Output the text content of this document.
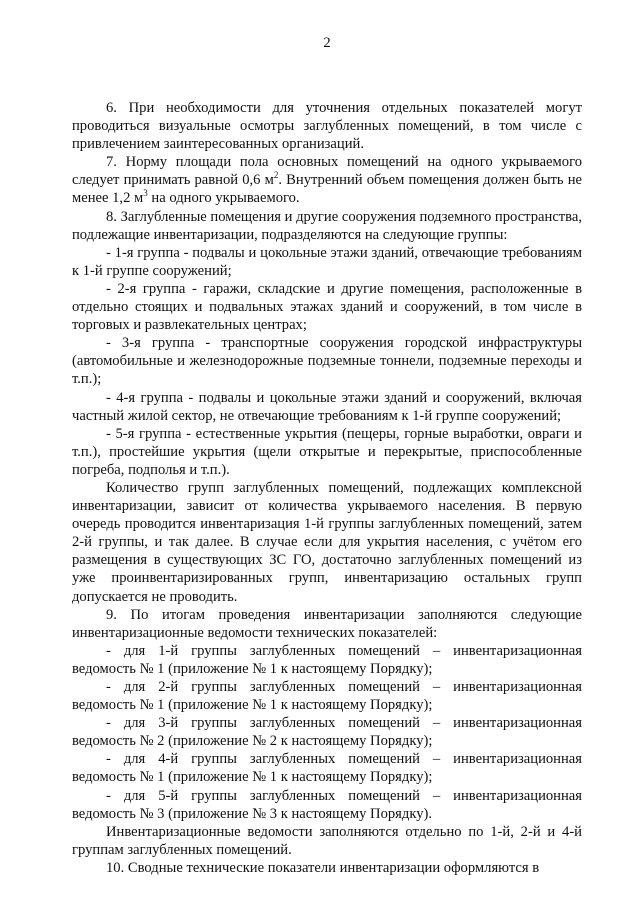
2

6. При необходимости для уточнения отдельных показателей могут проводиться визуальные осмотры заглубленных помещений, в том числе с привлечением заинтересованных организаций.

7. Норму площади пола основных помещений на одного укрываемого следует принимать равной 0,6 $м^2$. Внутренний объем помещения должен быть не менее 1,2 $м^3$ на одного укрываемого.

8. Заглубленные помещения и другие сооружения подземного пространства, подлежащие инвентаризации, подразделяются на следующие группы:

- 1-я группа - подвалы и цокольные этажи зданий, отвечающие требованиям к 1-й группе сооружений;

- 2-я группа - гаражи, складские и другие помещения, расположенные в отдельно стоящих и подвальных этажах зданий и сооружений, в том числе в торговых и развлекательных центрах;

- 3-я группа - транспортные сооружения городской инфраструктуры (автомобильные и железнодорожные подземные тоннели, подземные переходы и т.п.);

- 4-я группа - подвалы и цокольные этажи зданий и сооружений, включая частный жилой сектор, не отвечающие требованиям к 1-й группе сооружений;

- 5-я группа - естественные укрытия (пещеры, горные выработки, овраги и т.п.), простейшие укрытия (щели открытые и перекрытые, приспособленные погреба, подполья и т.п.).

Количество групп заглубленных помещений, подлежащих комплексной инвентаризации, зависит от количества укрываемого населения. В первую очередь проводится инвентаризация 1-й группы заглубленных помещений, затем 2-й группы, и так далее. В случае если для укрытия населения, с учётом его размещения в существующих ЗС ГО, достаточно заглубленных помещений из уже проинвентаризированных групп, инвентаризацию остальных групп допускается не проводить.

9. По итогам проведения инвентаризации заполняются следующие инвентаризационные ведомости технических показателей:

- для 1-й группы заглубленных помещений – инвентаризационная ведомость № 1 (приложение № 1 к настоящему Порядку);

- для 2-й группы заглубленных помещений – инвентаризационная ведомость № 1 (приложение № 1 к настоящему Порядку);

- для 3-й группы заглубленных помещений – инвентаризационная ведомость № 2 (приложение № 2 к настоящему Порядку);

- для 4-й группы заглубленных помещений – инвентаризационная ведомость № 1 (приложение № 1 к настоящему Порядку);

- для 5-й группы заглубленных помещений – инвентаризационная ведомость № 3 (приложение № 3 к настоящему Порядку).

Инвентаризационные ведомости заполняются отдельно по 1-й, 2-й и 4-й группам заглубленных помещений.

10. Сводные технические показатели инвентаризации оформляются в
